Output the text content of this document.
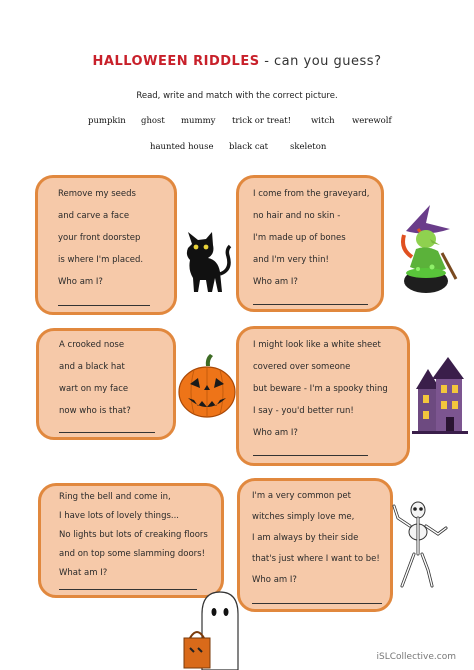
HALLOWEEN RIDDLES - can you guess?
Read, write and match with the correct picture.
pumpkin ghost mummy trick or treat! witch werewolf
haunted house black cat	skeleton
Remove my seeds
and carve a face
your front doorstep
is where I'm placed.
Who am I?
I come from the graveyard,
no hair and no skin -
I'm made up of bones
and I'm very thin!
Who am I?
A crooked nose
and a black hat
wart on my face
now who is that?
I might look like a white sheet
covered over someone
but beware - I'm a spooky thing
I say - you'd better run!
Who am I?
Ring the bell and come in,
I have lots of lovely things...
No lights but lots of creaking floors
and on top some slamming doors!
What am I?
I'm a very common pet
witches simply love me,
I am always by their side
that's just where I want to be!
Who am I?
iSLCollective.com
